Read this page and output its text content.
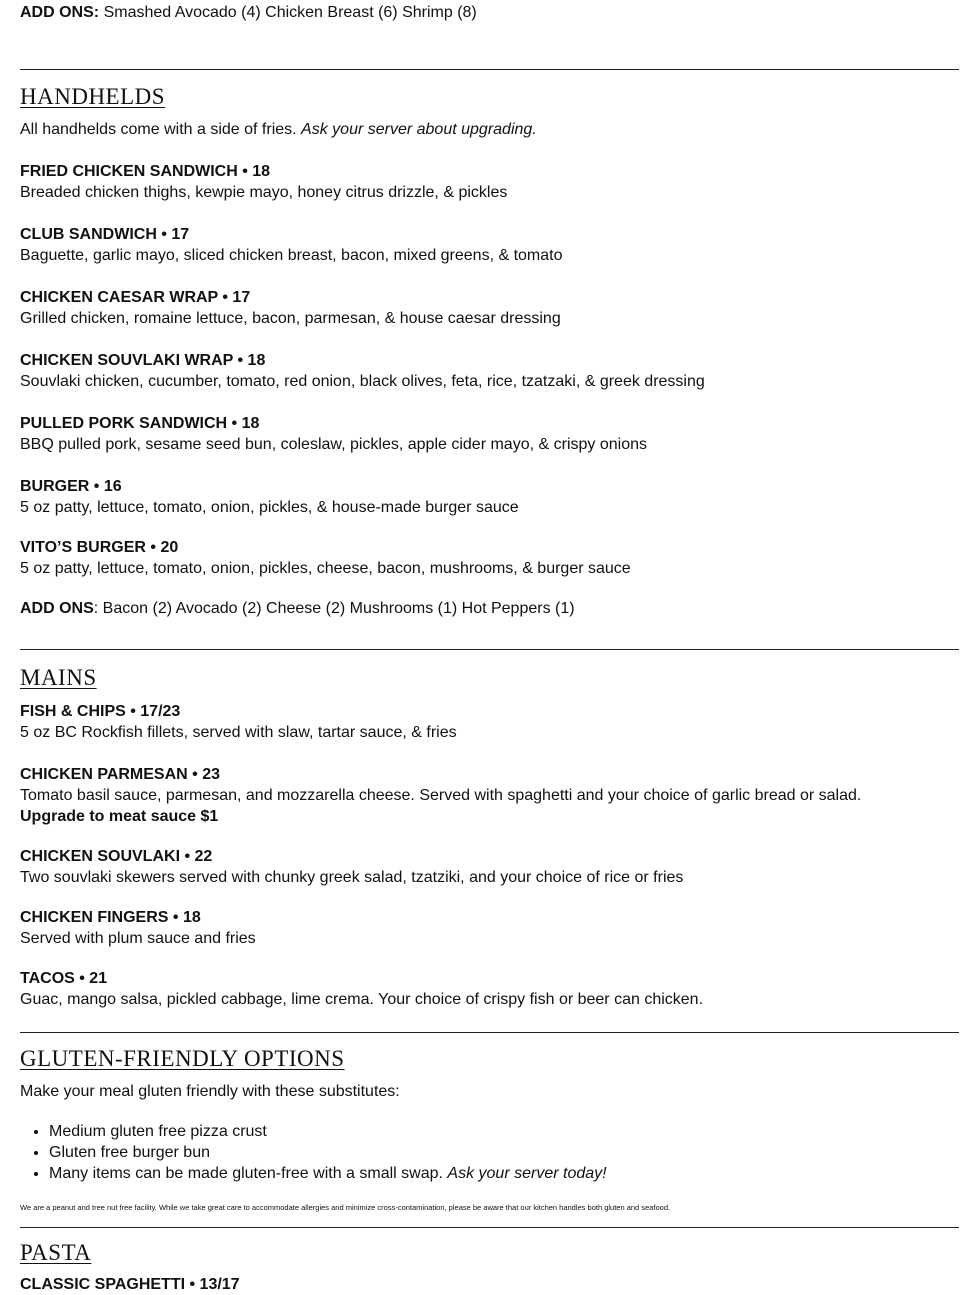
ADD ONS: Smashed Avocado (4) Chicken Breast (6) Shrimp (8)
HANDHELDS
All handhelds come with a side of fries. Ask your server about upgrading.
FRIED CHICKEN SANDWICH • 18
Breaded chicken thighs, kewpie mayo, honey citrus drizzle, & pickles
CLUB SANDWICH • 17
Baguette, garlic mayo, sliced chicken breast, bacon, mixed greens, & tomato
CHICKEN CAESAR WRAP • 17
Grilled chicken, romaine lettuce, bacon, parmesan, & house caesar dressing
CHICKEN SOUVLAKI WRAP • 18
Souvlaki chicken, cucumber, tomato, red onion, black olives, feta, rice, tzatzaki, & greek dressing
PULLED PORK SANDWICH • 18
BBQ pulled pork, sesame seed bun, coleslaw, pickles, apple cider mayo, & crispy onions
BURGER • 16
5 oz patty, lettuce, tomato, onion, pickles, & house-made burger sauce
VITO’S BURGER • 20
5 oz patty, lettuce, tomato, onion, pickles, cheese, bacon, mushrooms, & burger sauce
ADD ONS: Bacon (2) Avocado (2) Cheese (2) Mushrooms (1) Hot Peppers (1)
MAINS
FISH & CHIPS • 17/23
5 oz BC Rockfish fillets, served with slaw, tartar sauce, & fries
CHICKEN PARMESAN • 23
Tomato basil sauce, parmesan, and mozzarella cheese. Served with spaghetti and your choice of garlic bread or salad.
Upgrade to meat sauce $1
CHICKEN SOUVLAKI • 22
Two souvlaki skewers served with chunky greek salad, tzatziki, and your choice of rice or fries
CHICKEN FINGERS • 18
Served with plum sauce and fries
TACOS • 21
Guac, mango salsa, pickled cabbage, lime crema. Your choice of crispy fish or beer can chicken.
GLUTEN-FRIENDLY OPTIONS
Make your meal gluten friendly with these substitutes:
• Medium gluten free pizza crust
• Gluten free burger bun
• Many items can be made gluten-free with a small swap. Ask your server today!
We are a peanut and tree nut free facility. While we take great care to accommodate allergies and minimize cross-contamination, please be aware that our kitchen handles both gluten and seafood.
PASTA
CLASSIC SPAGHETTI • 13/17
